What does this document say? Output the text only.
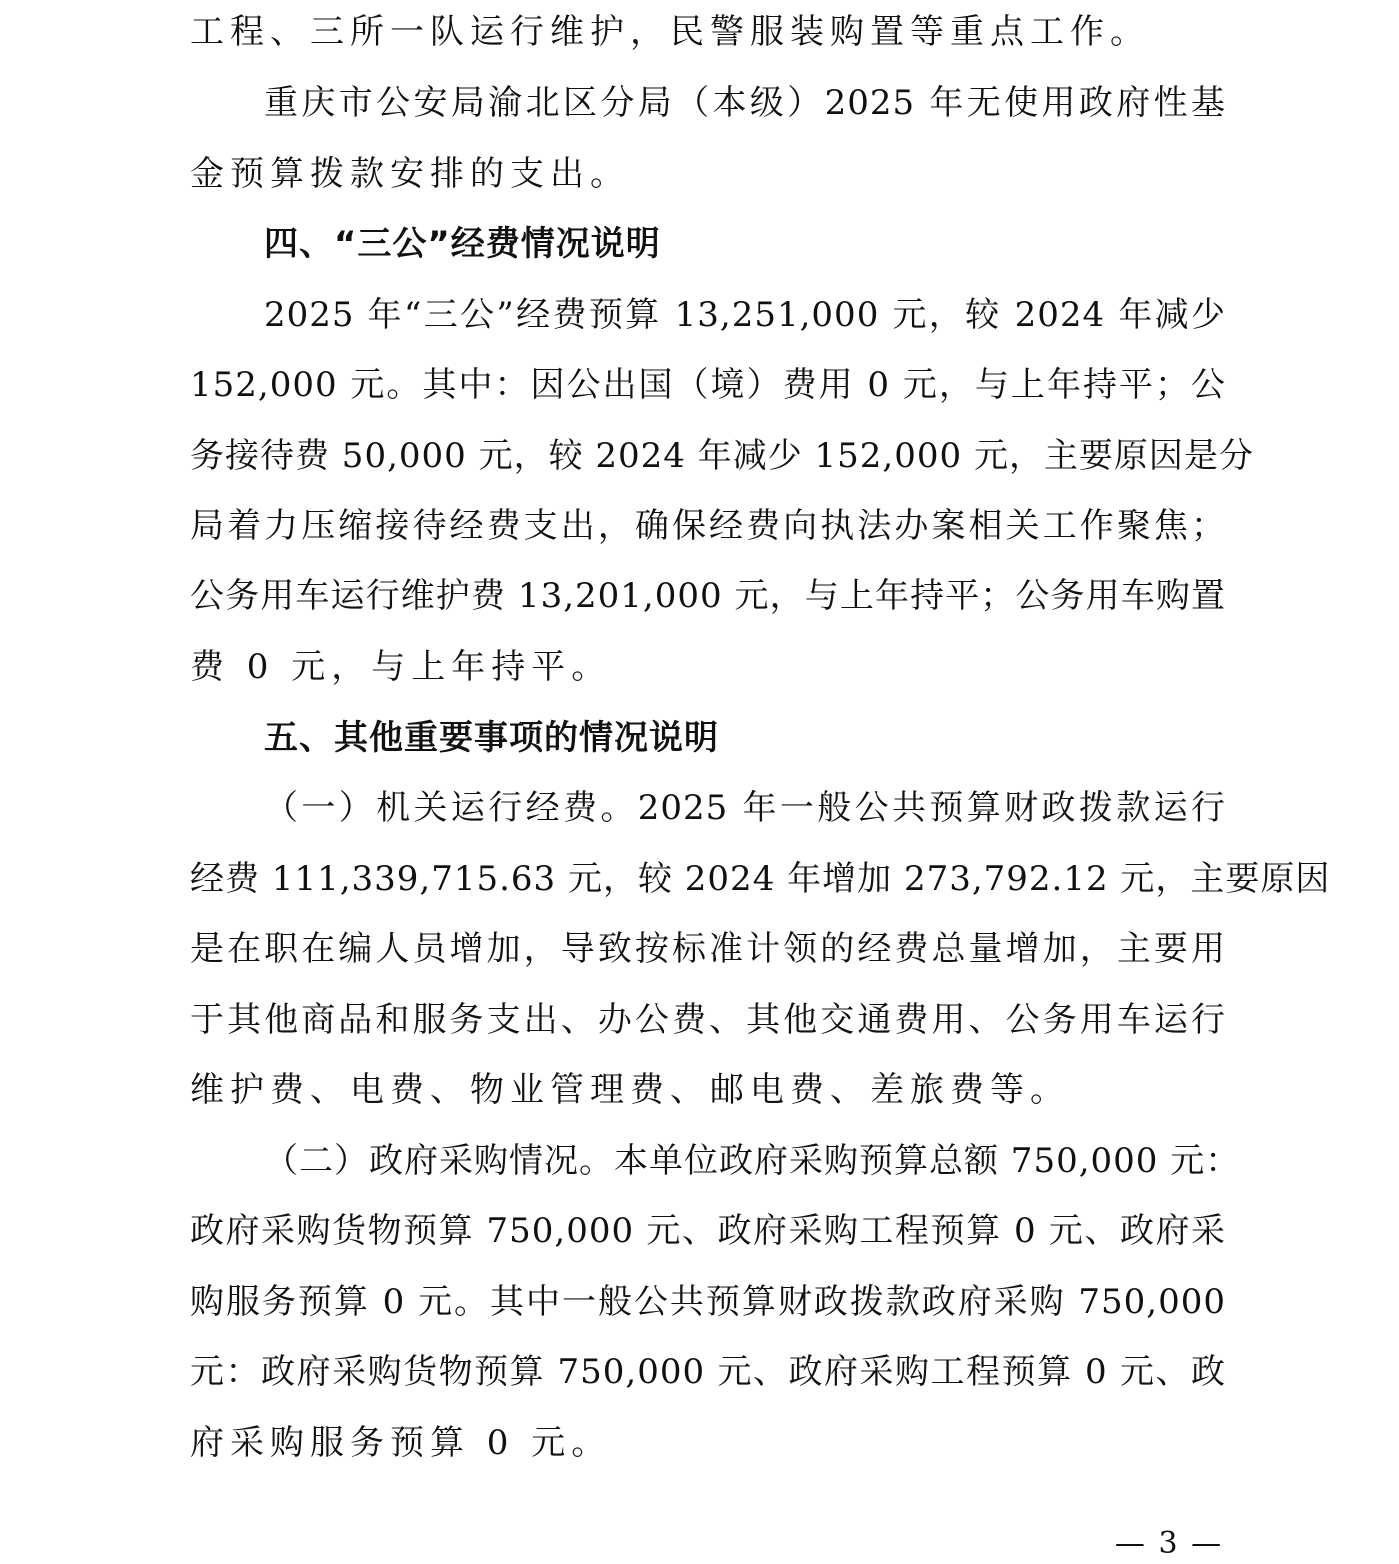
工程、三所一队运行维护，民警服装购置等重点工作。
重庆市公安局渝北区分局（本级）2025 年无使用政府性基
金预算拨款安排的支出。
四、“三公”经费情况说明
2025 年“三公”经费预算 13,251,000 元，较 2024 年减少
152,000 元。其中：因公出国（境）费用 0 元，与上年持平；公
务接待费 50,000 元，较 2024 年减少 152,000 元，主要原因是分
局着力压缩接待经费支出，确保经费向执法办案相关工作聚焦；
公务用车运行维护费 13,201,000 元，与上年持平；公务用车购置
费 0 元，与上年持平。
五、其他重要事项的情况说明
（一）机关运行经费。2025 年一般公共预算财政拨款运行
经费 111,339,715.63 元，较 2024 年增加 273,792.12 元，主要原因
是在职在编人员增加，导致按标准计领的经费总量增加，主要用
于其他商品和服务支出、办公费、其他交通费用、公务用车运行
维护费、电费、物业管理费、邮电费、差旅费等。
（二）政府采购情况。本单位政府采购预算总额 750,000 元：
政府采购货物预算 750,000 元、政府采购工程预算 0 元、政府采
购服务预算 0 元。其中一般公共预算财政拨款政府采购 750,000
元：政府采购货物预算 750,000 元、政府采购工程预算 0 元、政
府采购服务预算 0 元。
— 3 —
